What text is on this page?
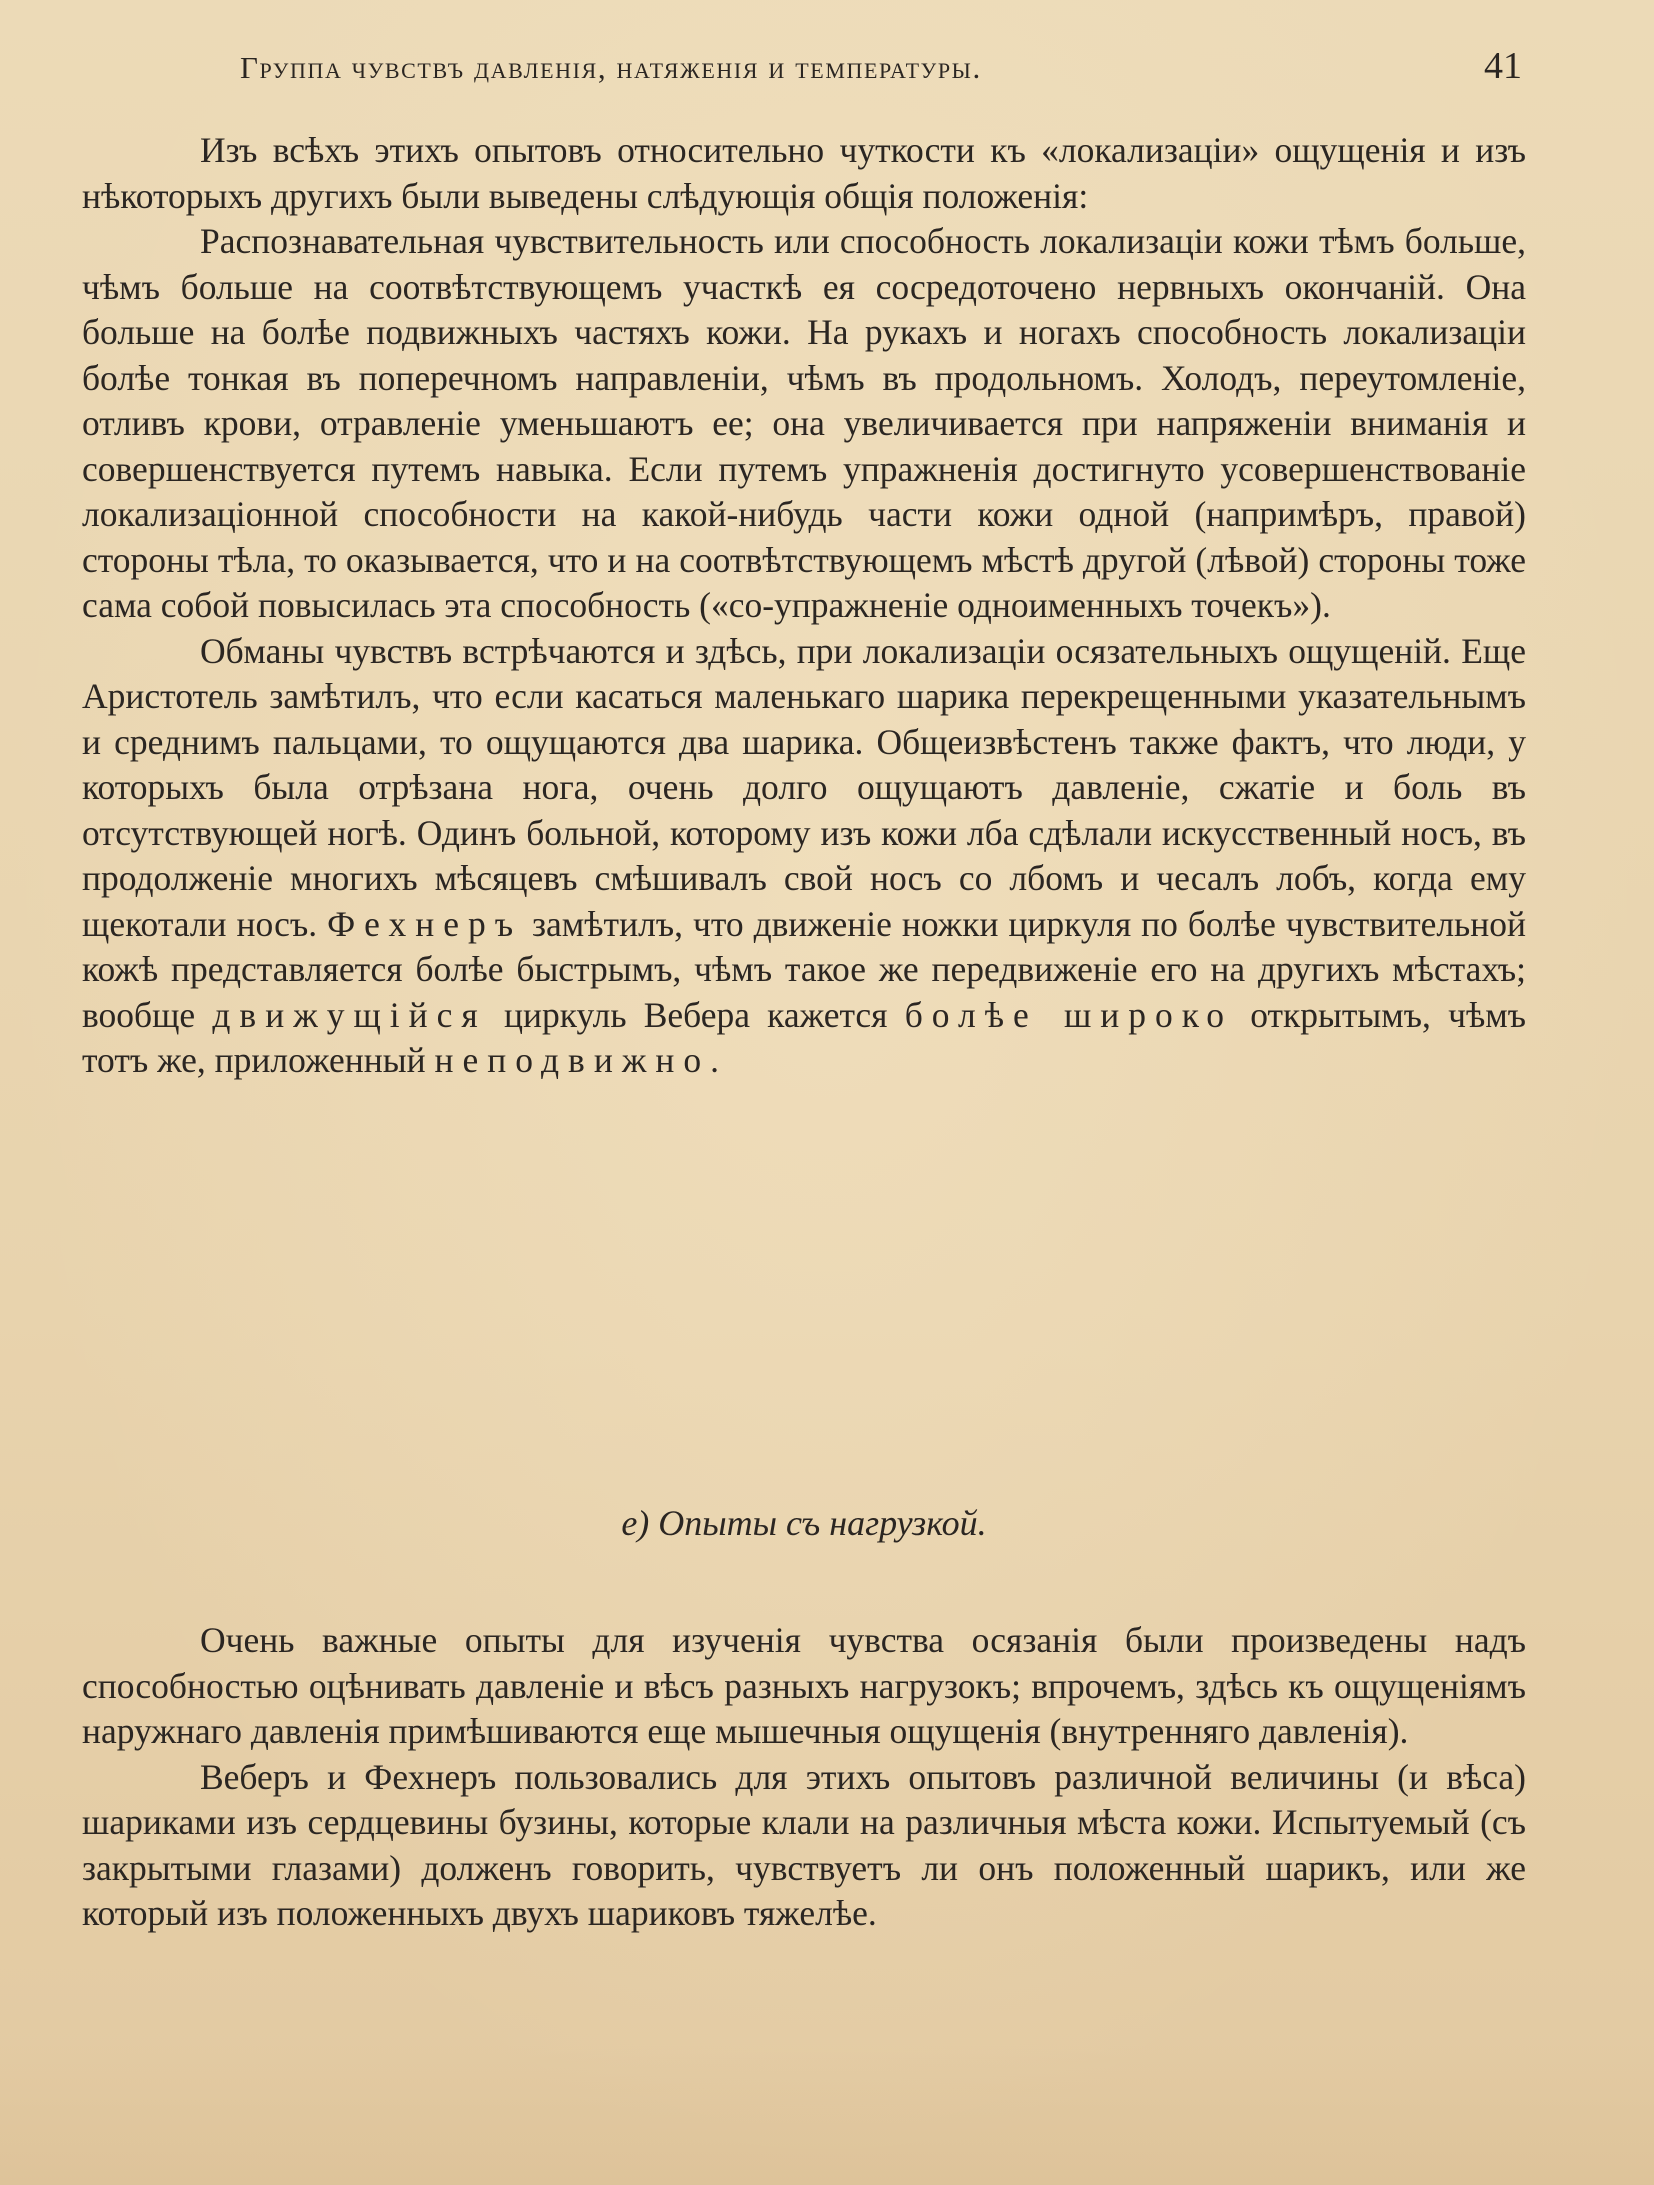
Группа чувствъ давленія, натяженія и температуры.	41

Изъ всѣхъ этихъ опытовъ относительно чуткости къ «локализаціи» ощущенія и изъ нѣкоторыхъ другихъ были выведены слѣдующія общія положенія:

Распознавательная чувствительность или способность локализаціи кожи тѣмъ больше, чѣмъ больше на соотвѣтствующемъ участкѣ ея сосредоточено нервныхъ окончаній. Она больше на болѣе подвижныхъ частяхъ кожи. На рукахъ и ногахъ способность локализаціи болѣе тонкая въ поперечномъ направленіи, чѣмъ въ продольномъ. Холодъ, переутомленіе, отливъ крови, отравленіе уменьшаютъ ее; она увеличивается при напряженіи вниманія и совершенствуется путемъ навыка. Если путемъ упражненія достигнуто усовершенствованіе локализаціонной способности на какой-нибудь части кожи одной (напримѣръ, правой) стороны тѣла, то оказывается, что и на соотвѣтствующемъ мѣстѣ другой (лѣвой) стороны тоже сама собой повысилась эта способность («со-упражненіе одноименныхъ точекъ»).

Обманы чувствъ встрѣчаются и здѣсь, при локализаціи осязательныхъ ощущеній. Еще Аристотель замѣтилъ, что если касаться маленькаго шарика перекрещенными указательнымъ и среднимъ пальцами, то ощущаются два шарика. Общеизвѣстенъ также фактъ, что люди, у которыхъ была отрѣзана нога, очень долго ощущаютъ давленіе, сжатіе и боль въ отсутствующей ногѣ. Одинъ больной, которому изъ кожи лба сдѣлали искусственный носъ, въ продолженіе многихъ мѣсяцевъ смѣшивалъ свой носъ со лбомъ и чесалъ лобъ, когда ему щекотали носъ. Фехнеръ замѣтилъ, что движеніе ножки циркуля по болѣе чувствительной кожѣ представляется болѣе быстрымъ, чѣмъ такое же передвиженіе его на другихъ мѣстахъ; вообще движущійся циркуль Вебера кажется болѣе широко открытымъ, чѣмъ тотъ же, приложенный неподвижно.

e) Опыты съ нагрузкой.

Очень важные опыты для изученія чувства осязанія были произведены надъ способностью оцѣнивать давленіе и вѣсъ разныхъ нагрузокъ; впрочемъ, здѣсь къ ощущеніямъ наружнаго давленія примѣшиваются еще мышечныя ощущенія (внутренняго давленія).

Веберъ и Фехнеръ пользовались для этихъ опытовъ различной величины (и вѣса) шариками изъ сердцевины бузины, которые клали на различныя мѣста кожи. Испытуемый (съ закрытыми глазами) долженъ говорить, чувствуетъ ли онъ положенный шарикъ, или же который изъ положенныхъ двухъ шариковъ тяжелѣе.
